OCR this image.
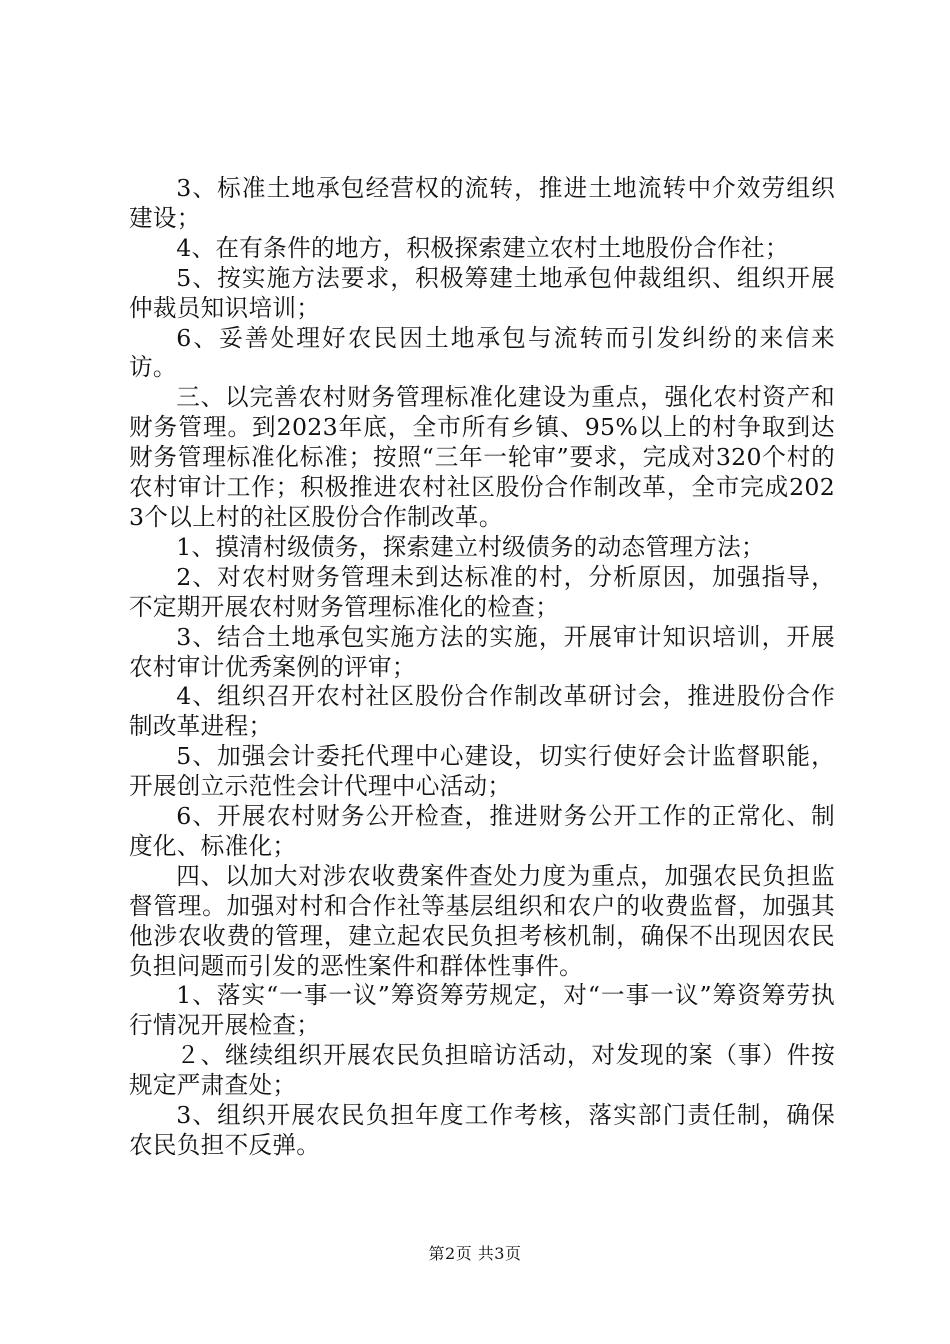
3、标准土地承包经营权的流转，推进土地流转中介效劳组织建设；

4、在有条件的地方，积极探索建立农村土地股份合作社；

5、按实施方法要求，积极筹建土地承包仲裁组织、组织开展仲裁员知识培训；

6、妥善处理好农民因土地承包与流转而引发纠纷的来信来访。

三、以完善农村财务管理标准化建设为重点，强化农村资产和财务管理。到2023年底，全市所有乡镇、95%以上的村争取到达财务管理标准化标准；按照“三年一轮审”要求，完成对320个村的农村审计工作；积极推进农村社区股份合作制改革，全市完成2023个以上村的社区股份合作制改革。

1、摸清村级债务，探索建立村级债务的动态管理方法；

2、对农村财务管理未到达标准的村，分析原因，加强指导，不定期开展农村财务管理标准化的检查；

3、结合土地承包实施方法的实施，开展审计知识培训，开展农村审计优秀案例的评审；

4、组织召开农村社区股份合作制改革研讨会，推进股份合作制改革进程；

5、加强会计委托代理中心建设，切实行使好会计监督职能，开展创立示范性会计代理中心活动；

6、开展农村财务公开检查，推进财务公开工作的正常化、制度化、标准化；

四、以加大对涉农收费案件查处力度为重点，加强农民负担监督管理。加强对村和合作社等基层组织和农户的收费监督，加强其他涉农收费的管理，建立起农民负担考核机制，确保不出现因农民负担问题而引发的恶性案件和群体性事件。

1、落实“一事一议”筹资筹劳规定，对“一事一议”筹资筹劳执行情况开展检查；

２、继续组织开展农民负担暗访活动，对发现的案（事）件按规定严肃查处；

3、组织开展农民负担年度工作考核，落实部门责任制，确保农民负担不反弹。

第2页 共3页
